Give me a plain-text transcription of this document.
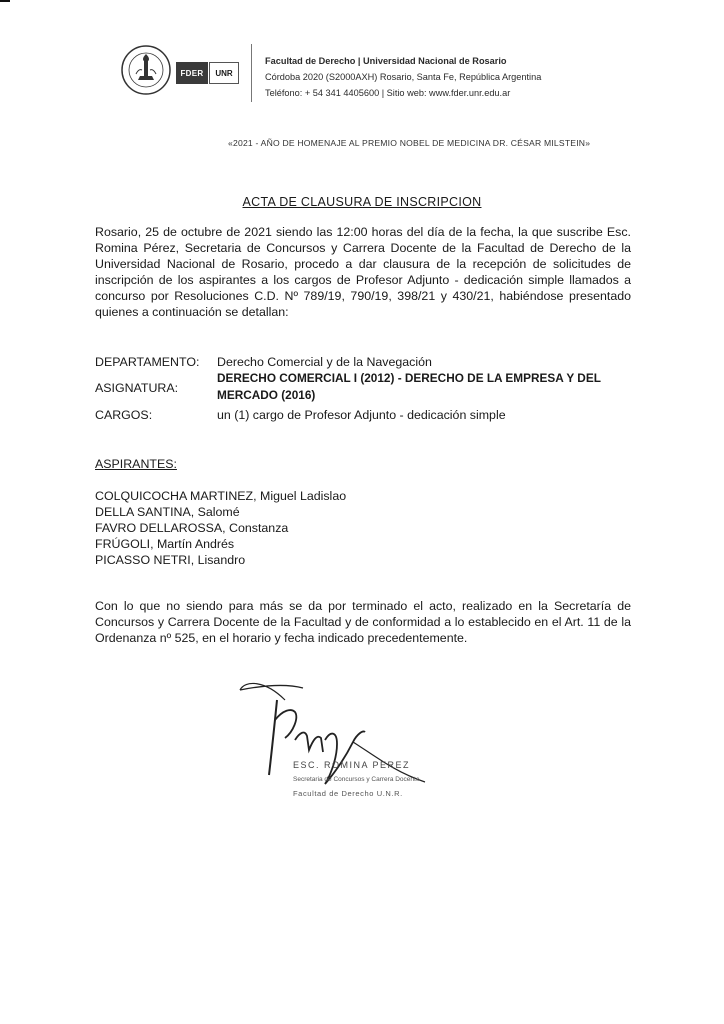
FDER	UNR
Facultad de Derecho | Universidad Nacional de Rosario
Córdoba 2020 (S2000AXH) Rosario, Santa Fe, República Argentina
Teléfono: + 54 341 4405600 | Sitio web: www.fder.unr.edu.ar
«2021 - AÑO DE HOMENAJE AL PREMIO NOBEL DE MEDICINA DR. CÉSAR MILSTEIN»
ACTA DE CLAUSURA DE INSCRIPCION
Rosario, 25 de octubre de 2021 siendo las 12:00 horas del día de la fecha, la que suscribe Esc. Romina Pérez, Secretaria de Concursos y Carrera Docente de la Facultad de Derecho de la Universidad Nacional de Rosario, procedo a dar clausura de la recepción de solicitudes de inscripción de los aspirantes a los cargos de Profesor Adjunto - dedicación simple llamados a concurso por Resoluciones C.D. Nº 789/19, 790/19, 398/21 y 430/21, habiéndose presentado quienes a continuación se detallan:
DEPARTAMENTO: Derecho Comercial y de la Navegación
ASIGNATURA:
DERECHO COMERCIAL I (2012) - DERECHO DE LA EMPRESA Y DEL MERCADO (2016)
CARGOS:	un (1) cargo de Profesor Adjunto - dedicación simple
ASPIRANTES:
COLQUICOCHA MARTINEZ, Miguel Ladislao
DELLA SANTINA, Salomé
FAVRO DELLAROSSA, Constanza
FRÚGOLI, Martín Andrés
PICASSO NETRI, Lisandro
Con lo que no siendo para más se da por terminado el acto, realizado en la Secretaría de Concursos y Carrera Docente de la Facultad y de conformidad a lo establecido en el Art. 11 de la Ordenanza nº 525, en el horario y fecha indicado precedentemente.
ESC. ROMINA PEREZ
Secretaria de Concursos y Carrera Docente
Facultad de Derecho U.N.R.
